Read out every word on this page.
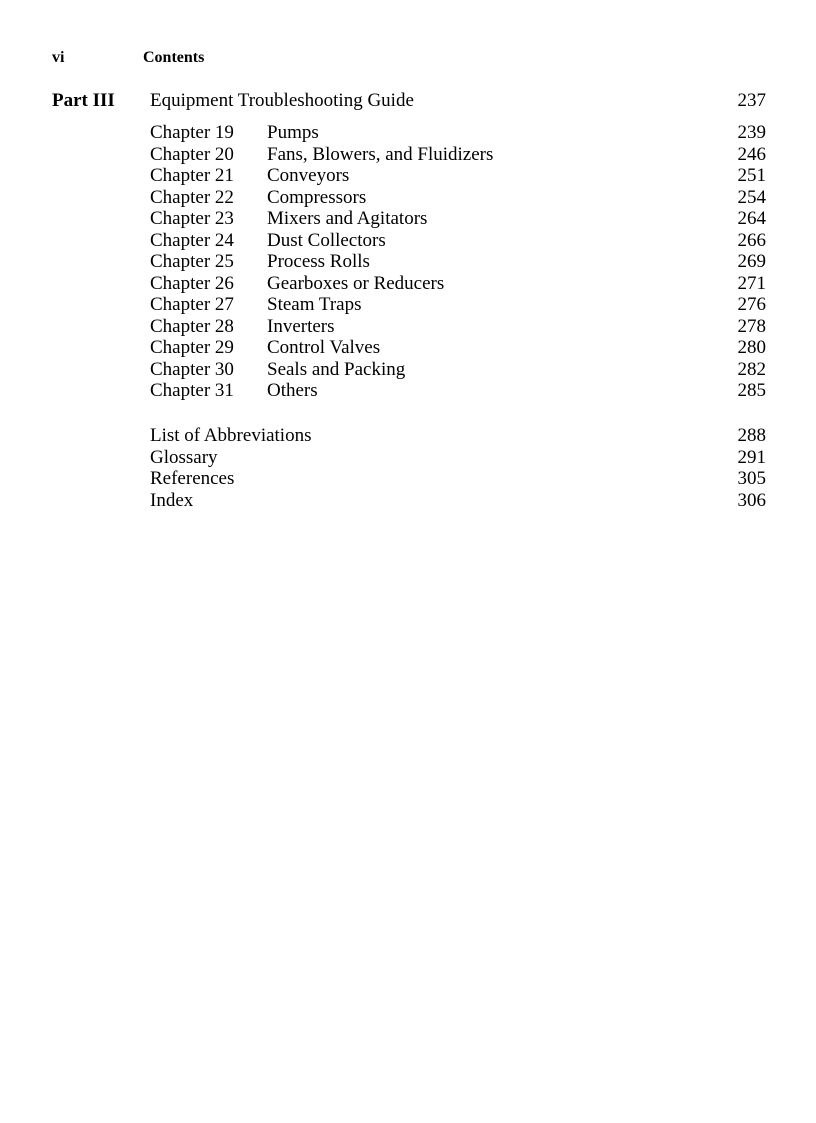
vi	Contents
Part III Equipment Troubleshooting Guide	237
Chapter 19 Pumps	239
Chapter 20 Fans, Blowers, and Fluidizers	246
Chapter 21 Conveyors	251
Chapter 22 Compressors	254
Chapter 23 Mixers and Agitators	264
Chapter 24 Dust Collectors	266
Chapter 25 Process Rolls	269
Chapter 26 Gearboxes or Reducers	271
Chapter 27 Steam Traps	276
Chapter 28 Inverters	278
Chapter 29 Control Valves	280
Chapter 30 Seals and Packing	282
Chapter 31 Others	285
List of Abbreviations	288
Glossary	291
References	305
Index	306
